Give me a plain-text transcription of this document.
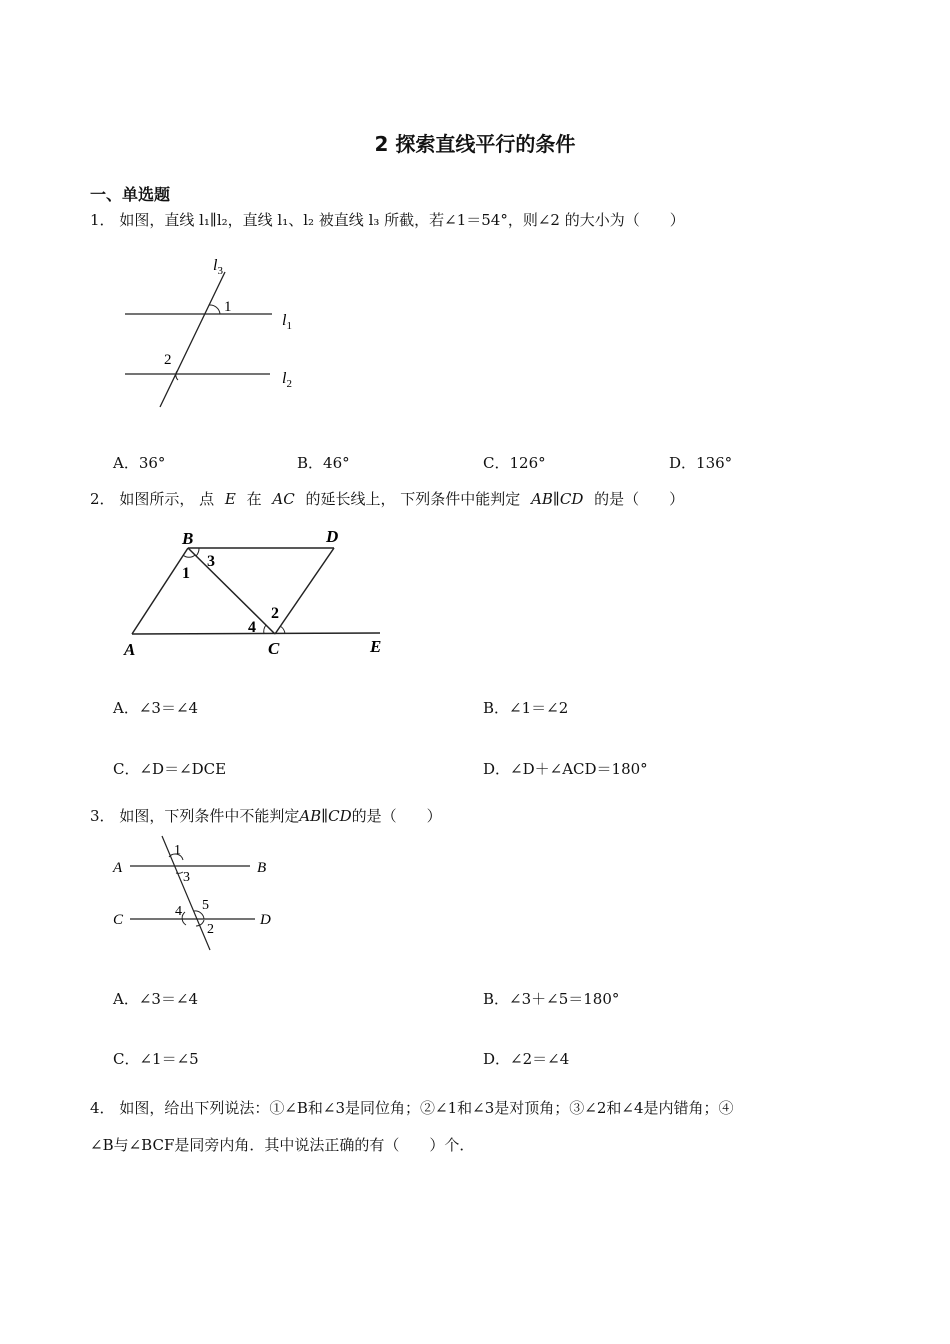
2 探索直线平行的条件
一、单选题
1． 如图，直线 l₁∥l₂，直线 l₁、l₂ 被直线 l₃ 所截，若∠1＝54°，则∠2 的大小为（　　）
$l_3$
1
$l_1$
2
$l_2$
A．36°	B．46°	C．126°	D．136°
2． 如图所示， 点 E 在 AC 的延长线上， 下列条件中能判定 AB∥CD 的是（　　）
B	D
3
1
2
4
A	C	E
A．∠3＝∠4	B．∠1＝∠2
C．∠D＝∠DCE	D．∠D＋∠ACD＝180°
3． 如图，下列条件中不能判定AB∥CD的是（　　）
A	B
C	D
1
3
4 5
2
A．∠3＝∠4	B．∠3＋∠5＝180°
C．∠1＝∠5	D．∠2＝∠4
4． 如图，给出下列说法：①∠B和∠3是同位角；②∠1和∠3是对顶角；③∠2和∠4是内错角；④
∠B与∠BCF是同旁内角．其中说法正确的有（　　）个．
